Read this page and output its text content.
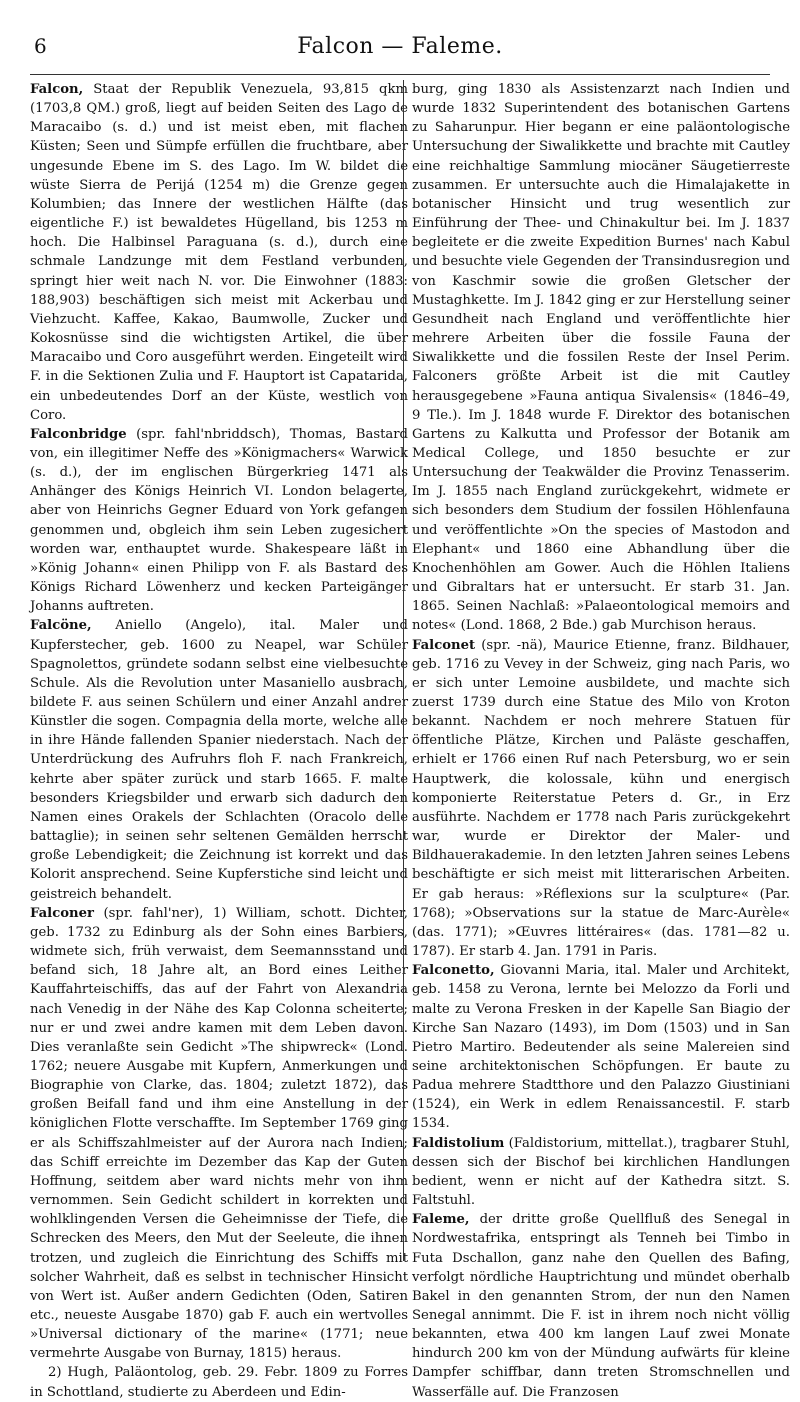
6	Falcon — Faleme.

Falcon, Staat der Republik Venezuela, 93,815 qkm (1703,8 QM.) groß, liegt auf beiden Seiten des Lago de Maracaibo (s. d.) und ist meist eben, mit flachen Küsten; Seen und Sümpfe erfüllen die fruchtbare, aber ungesunde Ebene im S. des Lago. Im W. bildet die wüste Sierra de Perijá (1254 m) die Grenze gegen Kolumbien; das Innere der westlichen Hälfte (das eigentliche F.) ist bewaldetes Hügelland, bis 1253 m hoch. Die Halbinsel Paraguana (s. d.), durch eine schmale Landzunge mit dem Festland verbunden, springt hier weit nach N. vor. Die Einwohner (1883: 188,903) beschäftigen sich meist mit Ackerbau und Viehzucht. Kaffee, Kakao, Baumwolle, Zucker und Kokosnüsse sind die wichtigsten Artikel, die über Maracaibo und Coro ausgeführt werden. Eingeteilt wird F. in die Sektionen Zulia und F. Hauptort ist Capatarida, ein unbedeutendes Dorf an der Küste, westlich von Coro.

Falconbridge (spr. fahl'nbriddsch), Thomas, Bastard von, ein illegitimer Neffe des »Königmachers« Warwick (s. d.), der im englischen Bürgerkrieg 1471 als Anhänger des Königs Heinrich VI. London belagerte, aber von Heinrichs Gegner Eduard von York gefangen genommen und, obgleich ihm sein Leben zugesichert worden war, enthauptet wurde. Shakespeare läßt in »König Johann« einen Philipp von F. als Bastard des Königs Richard Löwenherz und kecken Parteigänger Johanns auftreten.

Falcöne, Aniello (Angelo), ital. Maler und Kupferstecher, geb. 1600 zu Neapel, war Schüler Spagnolettos, gründete sodann selbst eine vielbesuchte Schule. Als die Revolution unter Masaniello ausbrach, bildete F. aus seinen Schülern und einer Anzahl andrer Künstler die sogen. Compagnia della morte, welche alle in ihre Hände fallenden Spanier niederstach. Nach der Unterdrückung des Aufruhrs floh F. nach Frankreich, kehrte aber später zurück und starb 1665. F. malte besonders Kriegsbilder und erwarb sich dadurch den Namen eines Orakels der Schlachten (Oracolo delle battaglie); in seinen sehr seltenen Gemälden herrscht große Lebendigkeit; die Zeichnung ist korrekt und das Kolorit ansprechend. Seine Kupferstiche sind leicht und geistreich behandelt.

Falconer (spr. fahl'ner), 1) William, schott. Dichter, geb. 1732 zu Edinburg als der Sohn eines Barbiers, widmete sich, früh verwaist, dem Seemannsstand und befand sich, 18 Jahre alt, an Bord eines Leither Kauffahrteischiffs, das auf der Fahrt von Alexandria nach Venedig in der Nähe des Kap Colonna scheiterte; nur er und zwei andre kamen mit dem Leben davon. Dies veranlaßte sein Gedicht »The shipwreck« (Lond. 1762; neuere Ausgabe mit Kupfern, Anmerkungen und Biographie von Clarke, das. 1804; zuletzt 1872), das großen Beifall fand und ihm eine Anstellung in der königlichen Flotte verschaffte. Im September 1769 ging er als Schiffszahlmeister auf der Aurora nach Indien; das Schiff erreichte im Dezember das Kap der Guten Hoffnung, seitdem aber ward nichts mehr von ihm vernommen. Sein Gedicht schildert in korrekten und wohlklingenden Versen die Geheimnisse der Tiefe, die Schrecken des Meers, den Mut der Seeleute, die ihnen trotzen, und zugleich die Einrichtung des Schiffs mit solcher Wahrheit, daß es selbst in technischer Hinsicht von Wert ist. Außer andern Gedichten (Oden, Satiren etc., neueste Ausgabe 1870) gab F. auch ein wertvolles »Universal dictionary of the marine« (1771; neue vermehrte Ausgabe von Burnay, 1815) heraus.

2) Hugh, Paläontolog, geb. 29. Febr. 1809 zu Forres in Schottland, studierte zu Aberdeen und Edin-

burg, ging 1830 als Assistenzarzt nach Indien und wurde 1832 Superintendent des botanischen Gartens zu Saharunpur. Hier begann er eine paläontologische Untersuchung der Siwalikkette und brachte mit Cautley eine reichhaltige Sammlung miocäner Säugetierreste zusammen. Er untersuchte auch die Himalajakette in botanischer Hinsicht und trug wesentlich zur Einführung der Thee- und Chinakultur bei. Im J. 1837 begleitete er die zweite Expedition Burnes' nach Kabul und besuchte viele Gegenden der Transindusregion und von Kaschmir sowie die großen Gletscher der Mustaghkette. Im J. 1842 ging er zur Herstellung seiner Gesundheit nach England und veröffentlichte hier mehrere Arbeiten über die fossile Fauna der Siwalikkette und die fossilen Reste der Insel Perim. Falconers größte Arbeit ist die mit Cautley herausgegebene »Fauna antiqua Sivalensis« (1846–49, 9 Tle.). Im J. 1848 wurde F. Direktor des botanischen Gartens zu Kalkutta und Professor der Botanik am Medical College, und 1850 besuchte er zur Untersuchung der Teakwälder die Provinz Tenasserim. Im J. 1855 nach England zurückgekehrt, widmete er sich besonders dem Studium der fossilen Höhlenfauna und veröffentlichte »On the species of Mastodon and Elephant« und 1860 eine Abhandlung über die Knochenhöhlen am Gower. Auch die Höhlen Italiens und Gibraltars hat er untersucht. Er starb 31. Jan. 1865. Seinen Nachlaß: »Palaeontological memoirs and notes« (Lond. 1868, 2 Bde.) gab Murchison heraus.

Falconet (spr. -nä), Maurice Etienne, franz. Bildhauer, geb. 1716 zu Vevey in der Schweiz, ging nach Paris, wo er sich unter Lemoine ausbildete, und machte sich zuerst 1739 durch eine Statue des Milo von Kroton bekannt. Nachdem er noch mehrere Statuen für öffentliche Plätze, Kirchen und Paläste geschaffen, erhielt er 1766 einen Ruf nach Petersburg, wo er sein Hauptwerk, die kolossale, kühn und energisch komponierte Reiterstatue Peters d. Gr., in Erz ausführte. Nachdem er 1778 nach Paris zurückgekehrt war, wurde er Direktor der Maler- und Bildhauerakademie. In den letzten Jahren seines Lebens beschäftigte er sich meist mit litterarischen Arbeiten. Er gab heraus: »Réflexions sur la sculpture« (Par. 1768); »Observations sur la statue de Marc-Aurèle« (das. 1771); »Œuvres littéraires« (das. 1781—82 u. 1787). Er starb 4. Jan. 1791 in Paris.

Falconetto, Giovanni Maria, ital. Maler und Architekt, geb. 1458 zu Verona, lernte bei Melozzo da Forli und malte zu Verona Fresken in der Kapelle San Biagio der Kirche San Nazaro (1493), im Dom (1503) und in San Pietro Martiro. Bedeutender als seine Malereien sind seine architektonischen Schöpfungen. Er baute zu Padua mehrere Stadtthore und den Palazzo Giustiniani (1524), ein Werk in edlem Renaissancestil. F. starb 1534.

Faldistolium (Faldistorium, mittellat.), tragbarer Stuhl, dessen sich der Bischof bei kirchlichen Handlungen bedient, wenn er nicht auf der Kathedra sitzt. S. Faltstuhl.

Faleme, der dritte große Quellfluß des Senegal in Nordwestafrika, entspringt als Tenneh bei Timbo in Futa Dschallon, ganz nahe den Quellen des Bafing, verfolgt nördliche Hauptrichtung und mündet oberhalb Bakel in den genannten Strom, der nun den Namen Senegal annimmt. Die F. ist in ihrem noch nicht völlig bekannten, etwa 400 km langen Lauf zwei Monate hindurch 200 km von der Mündung aufwärts für kleine Dampfer schiffbar, dann treten Stromschnellen und Wasserfälle auf. Die Franzosen
